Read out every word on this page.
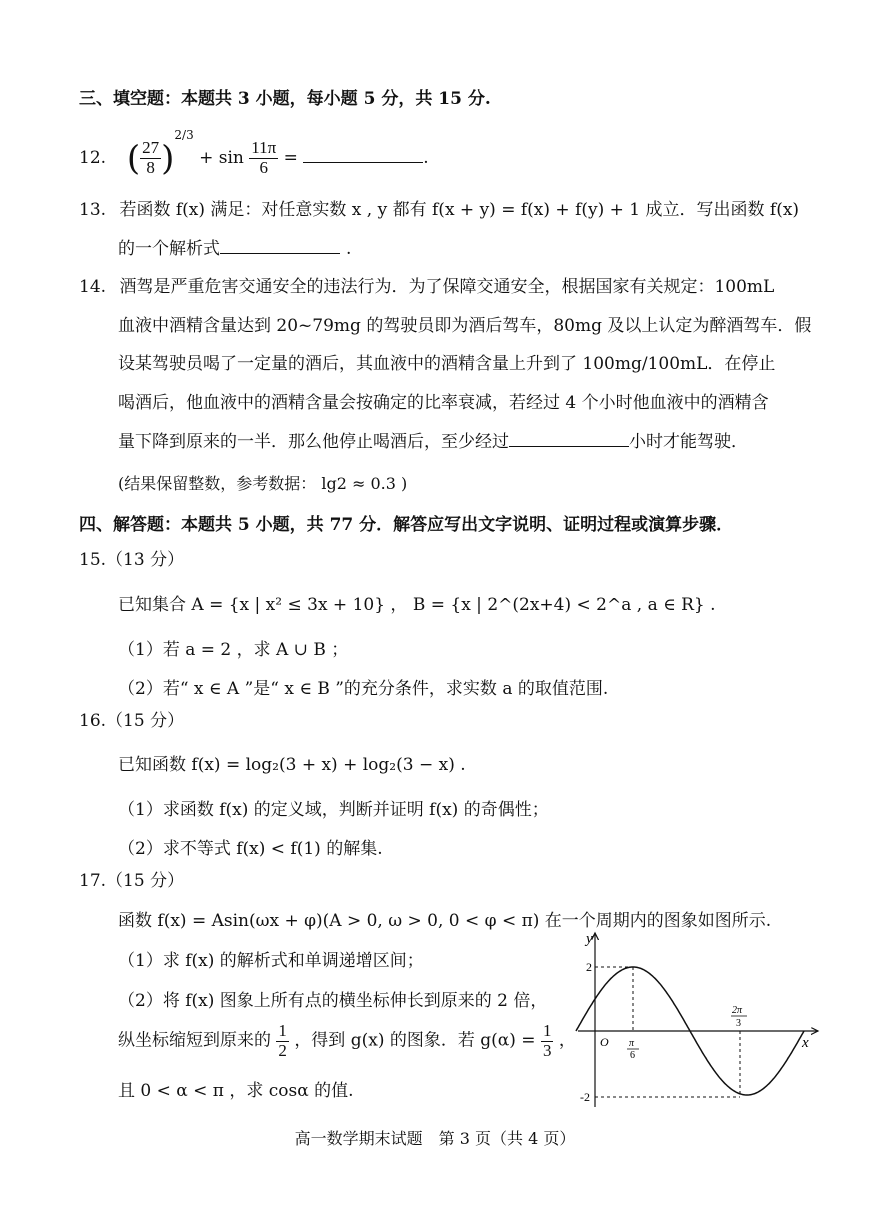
三、填空题：本题共 3 小题，每小题 5 分，共 15 分.
12. ( $\frac{27}{8} )^{2/3} + \sin \frac{11\pi}{6}$ =	.
13. 若函数 f(x) 满足：对任意实数 x , y 都有 f(x + y) = f(x) + f(y) + 1 成立．写出函数 f(x)
的一个解析式	.
14. 酒驾是严重危害交通安全的违法行为．为了保障交通安全，根据国家有关规定：100mL
血液中酒精含量达到 20~79mg 的驾驶员即为酒后驾车，80mg 及以上认定为醉酒驾车．假
设某驾驶员喝了一定量的酒后，其血液中的酒精含量上升到了 100mg/100mL．在停止
喝酒后，他血液中的酒精含量会按确定的比率衰减，若经过 4 个小时他血液中的酒精含
量下降到原来的一半．那么他停止喝酒后，至少经过	小时才能驾驶．
(结果保留整数，参考数据： lg2 ≈ 0.3 )
四、解答题：本题共 5 小题，共 77 分．解答应写出文字说明、证明过程或演算步骤．
15.（13 分）
已知集合 A = {x | x² ≤ 3x + 10} ， B = {x | 2^(2x+4) < 2^a , a ∈ R} .
（1）若 a = 2 ，求 A ∪ B ；
（2）若“ x ∈ A ”是“ x ∈ B ”的充分条件，求实数 a 的取值范围.
16.（15 分）
已知函数 f(x) = log₂(3 + x) + log₂(3 − x) .
（1）求函数 f(x) 的定义域，判断并证明 f(x) 的奇偶性；
（2）求不等式 f(x) < f(1) 的解集.
17.（15 分）
函数 f(x) = Asin(ωx + φ)(A > 0, ω > 0, 0 < φ < π) 在一个周期内的图象如图所示.
（1）求 f(x) 的解析式和单调递增区间；
（2）将 f(x) 图象上所有点的横坐标伸长到原来的 2 倍，
纵坐标缩短到原来的 $\frac{1}{2}$ ，得到 g(x) 的图象．若 $g(\alpha) = \frac{1}{3}$ ，
且 0 < α < π ，求 cosα 的值.
y
x
O
2
-2
π
6
2π
3
高一数学期末试题　第 3 页（共 4 页）
